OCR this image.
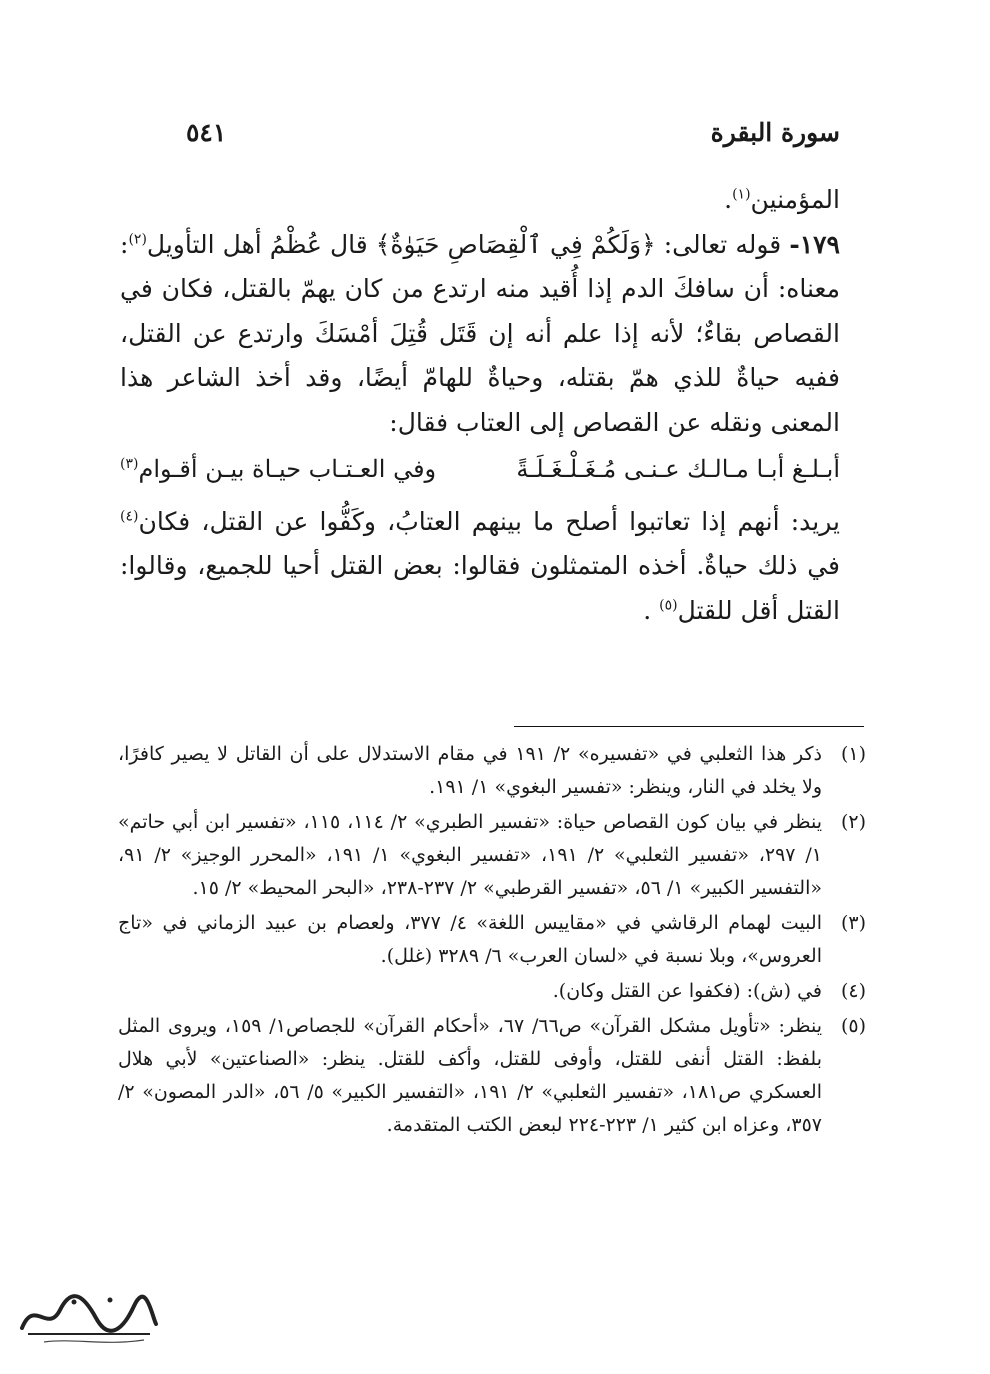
سورة البقرة
٥٤١

المؤمنين$^{(١)}$.

١٧٩- قوله تعالى: ﴿وَلَكُمْ فِي ٱلْقِصَاصِ حَيَوٰةٌ﴾ قال عُظْمُ أهل التأويل$^{(٢)}$: معناه: أن سافكَ الدم إذا أُقيد منه ارتدع من كان يهمّ بالقتل، فكان في القصاص بقاءٌ؛ لأنه إذا علم أنه إن قَتَل قُتِلَ أمْسَكَ وارتدع عن القتل، ففيه حياةٌ للذي همّ بقتله، وحياةٌ للهامّ أيضًا، وقد أخذ الشاعر هذا المعنى ونقله عن القصاص إلى العتاب فقال:

أبـلـغ أبـا مـالـك عـنـى مُـغَـلْـغَـلَـةً
وفي العـتـاب حيـاة بيـن أقـوام$^{(٣)}$

يريد: أنهم إذا تعاتبوا أصلح ما بينهم العتابُ، وكَفُّوا عن القتل، فكان$^{(٤)}$ في ذلك حياةٌ. أخذه المتمثلون فقالوا: بعض القتل أحيا للجميع، وقالوا: القتل أقل للقتل$^{(٥)}$ .

(١)
ذكر هذا الثعلبي في «تفسيره» ٢/ ١٩١ في مقام الاستدلال على أن القاتل لا يصير كافرًا، ولا يخلد في النار، وينظر: «تفسير البغوي» ١/ ١٩١.
(٢)
ينظر في بيان كون القصاص حياة: «تفسير الطبري» ٢/ ١١٤، ١١٥، «تفسير ابن أبي حاتم» ١/ ٢٩٧، «تفسير الثعلبي» ٢/ ١٩١، «تفسير البغوي» ١/ ١٩١، «المحرر الوجيز» ٢/ ٩١، «التفسير الكبير» ١/ ٥٦، «تفسير القرطبي» ٢/ ٢٣٧-٢٣٨، «البحر المحيط» ٢/ ١٥.
(٣)
البيت لهمام الرقاشي في «مقاييس اللغة» ٤/ ٣٧٧، ولعصام بن عبيد الزماني في «تاج العروس»، وبلا نسبة في «لسان العرب» ٦/ ٣٢٨٩ (غلل).
(٤)
في (ش): (فكفوا عن القتل وكان).
(٥)
ينظر: «تأويل مشكل القرآن» ص٦٦/ ٦٧، «أحكام القرآن» للجصاص١/ ١٥٩، ويروى المثل بلفظ: القتل أنفى للقتل، وأوفى للقتل، وأكف للقتل. ينظر: «الصناعتين» لأبي هلال العسكري ص١٨١، «تفسير الثعلبي» ٢/ ١٩١، «التفسير الكبير» ٥/ ٥٦، «الدر المصون» ٢/ ٣٥٧، وعزاه ابن كثير ١/ ٢٢٣-٢٢٤ لبعض الكتب المتقدمة.
